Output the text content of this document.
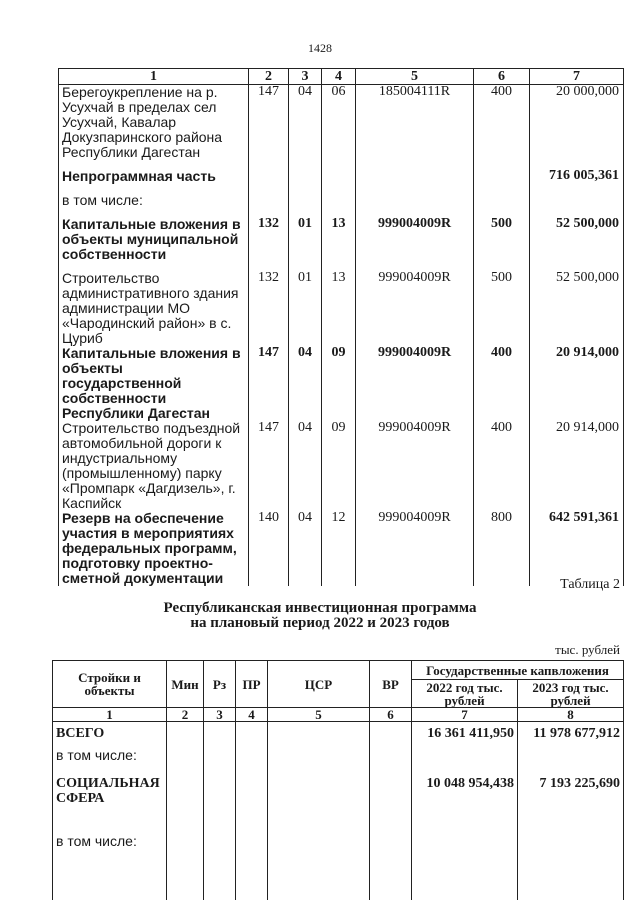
1428
1	2	3	4	5	6	7
Берегоукрепление на р. Усухчай в пределах сел Усухчай, Кавалар Докузпаринского района Республики Дагестан	147	04	06	185004111R	400	20 000,000
Непрограммная часть						716 005,361
в том числе:						
Капитальные вложения в объекты муниципальной собственности	132	01	13	999004009R	500	52 500,000
Строительство административного здания администрации МО «Чародинский район» в с. Цуриб	132	01	13	999004009R	500	52 500,000
Капитальные вложения в объекты государственной собственности Республики Дагестан	147	04	09	999004009R	400	20 914,000
Строительство подъездной автомобильной дороги к индустриальному (промышленному) парку «Промпарк «Дагдизель», г. Каспийск	147	04	09	999004009R	400	20 914,000
Резерв на обеспечение участия в мероприятиях федеральных программ, подготовку проектно-сметной документации	140	04	12	999004009R	800	642 591,361
Таблица 2
Республиканская инвестиционная программа
на плановый период 2022 и 2023 годов
тыс. рублей
Стройки и объекты	Мин	Рз	ПР	ЦСР	ВР	Государственные капвложения	
						2022 год тыс. рублей	2023 год тыс. рублей
1	2	3	4	5	6	7	8
ВСЕГО						16 361 411,950	11 978 677,912
в том числе:							
СОЦИАЛЬНАЯ СФЕРА						10 048 954,438	7 193 225,690
в том числе:							
